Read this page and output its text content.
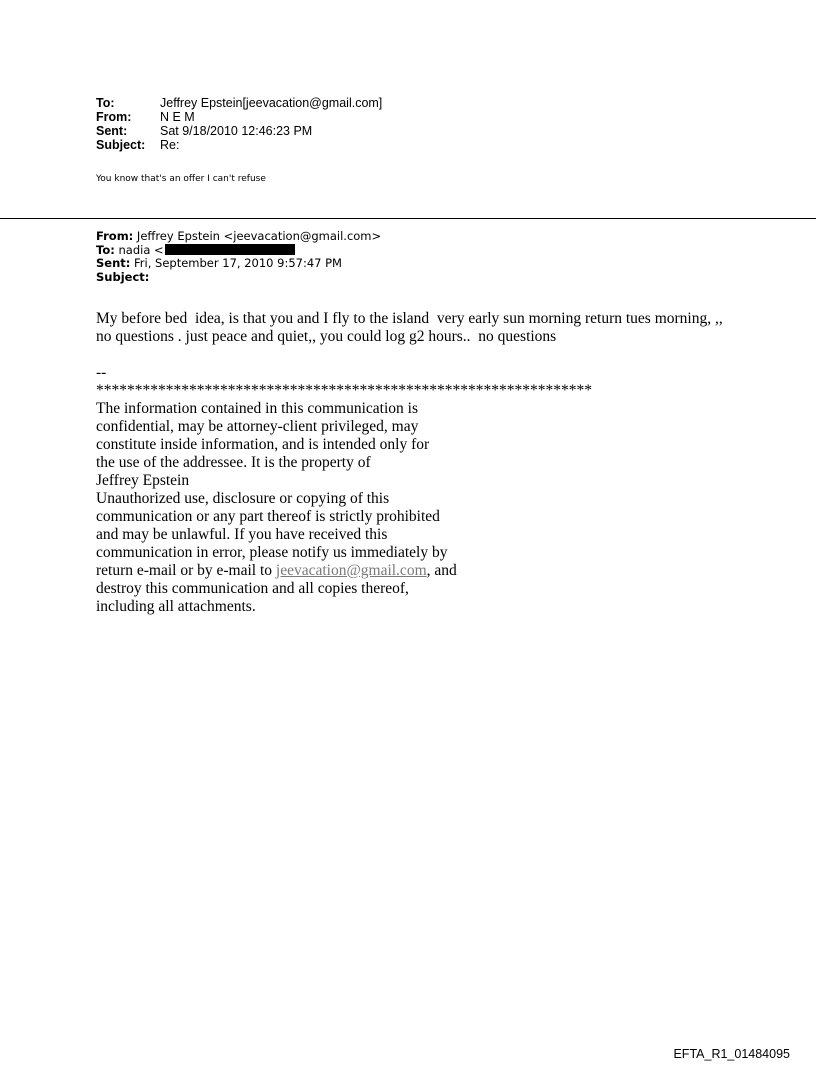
To:	Jeffrey Epstein[jeevacation@gmail.com]
From:	N E M
Sent:	Sat 9/18/2010 12:46:23 PM
Subject:	Re:
You know that's an offer I can't refuse
From: Jeffrey Epstein <jeevacation@gmail.com>
To: nadia <
Sent: Fri, September 17, 2010 9:57:47 PM
Subject:
My before bed  idea, is that you and I fly to the island  very early sun morning return tues morning, ,,   no questions . just peace and quiet,, you could log g2 hours..  no questions
--
****************************************************************
The information contained in this communication is
confidential, may be attorney-client privileged, may
constitute inside information, and is intended only for
the use of the addressee. It is the property of
Jeffrey Epstein
Unauthorized use, disclosure or copying of this
communication or any part thereof is strictly prohibited
and may be unlawful. If you have received this
communication in error, please notify us immediately by
return e-mail or by e-mail to jeevacation@gmail.com, and
destroy this communication and all copies thereof,
including all attachments.
EFTA_R1_01484095
